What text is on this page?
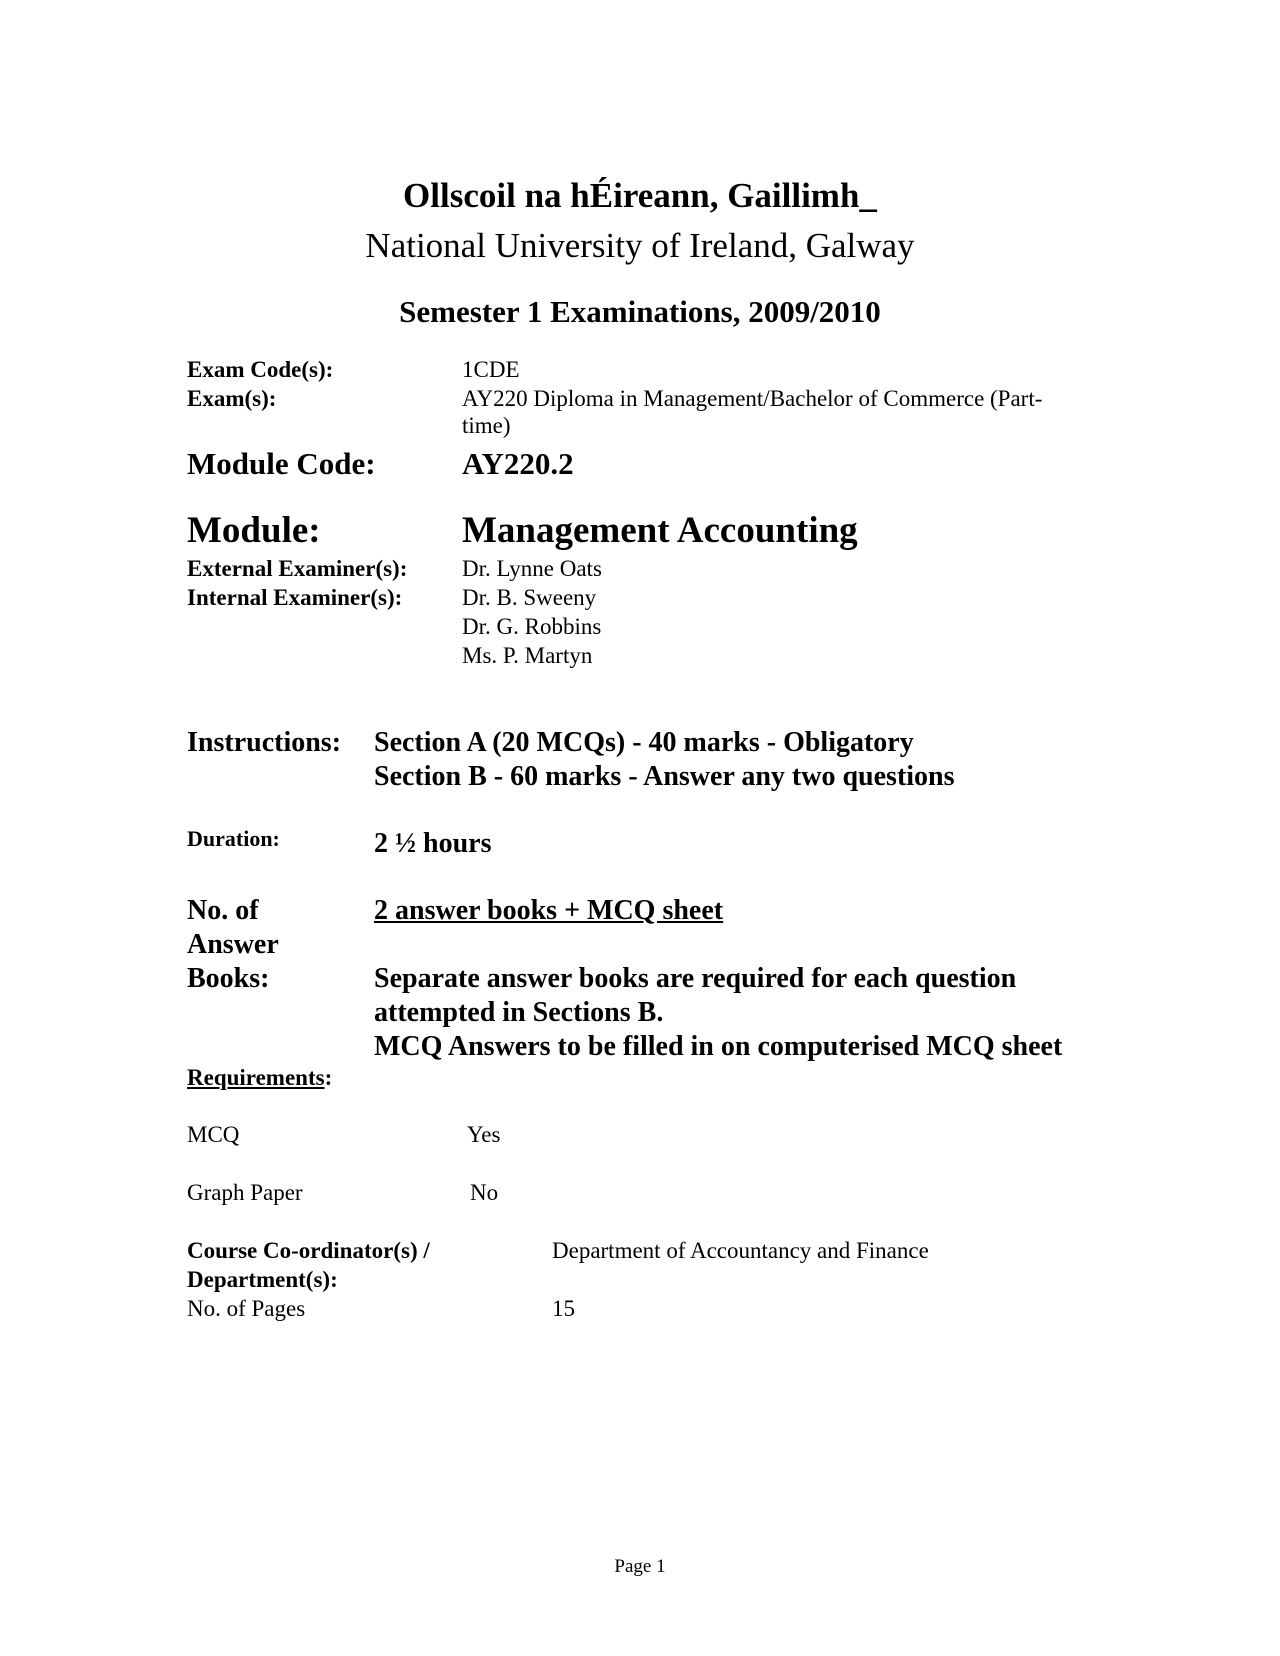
Ollscoil na hÉireann, Gaillimh_
National University of Ireland, Galway
Semester 1 Examinations, 2009/2010
Exam Code(s):	1CDE
Exam(s):	AY220 Diploma in Management/Bachelor of Commerce (Part-
time)
Module Code:	AY220.2
Module:	Management Accounting
External Examiner(s): Dr. Lynne Oats
Internal Examiner(s):	Dr. B. Sweeny
Dr. G. Robbins
Ms. P. Martyn
Instructions: Section A (20 MCQs) - 40 marks - Obligatory
Section B - 60 marks - Answer any two questions
Duration:	2 ½ hours
No. of
Answer
Books:
2 answer books + MCQ sheet
Separate answer books are required for each question
attempted in Sections B.
MCQ Answers to be filled in on computerised MCQ sheet
Requirements:
MCQ	Yes
Graph Paper	No
Course Co-ordinator(s) /
Department(s):
Department of Accountancy and Finance
No. of Pages	15
Page 1
